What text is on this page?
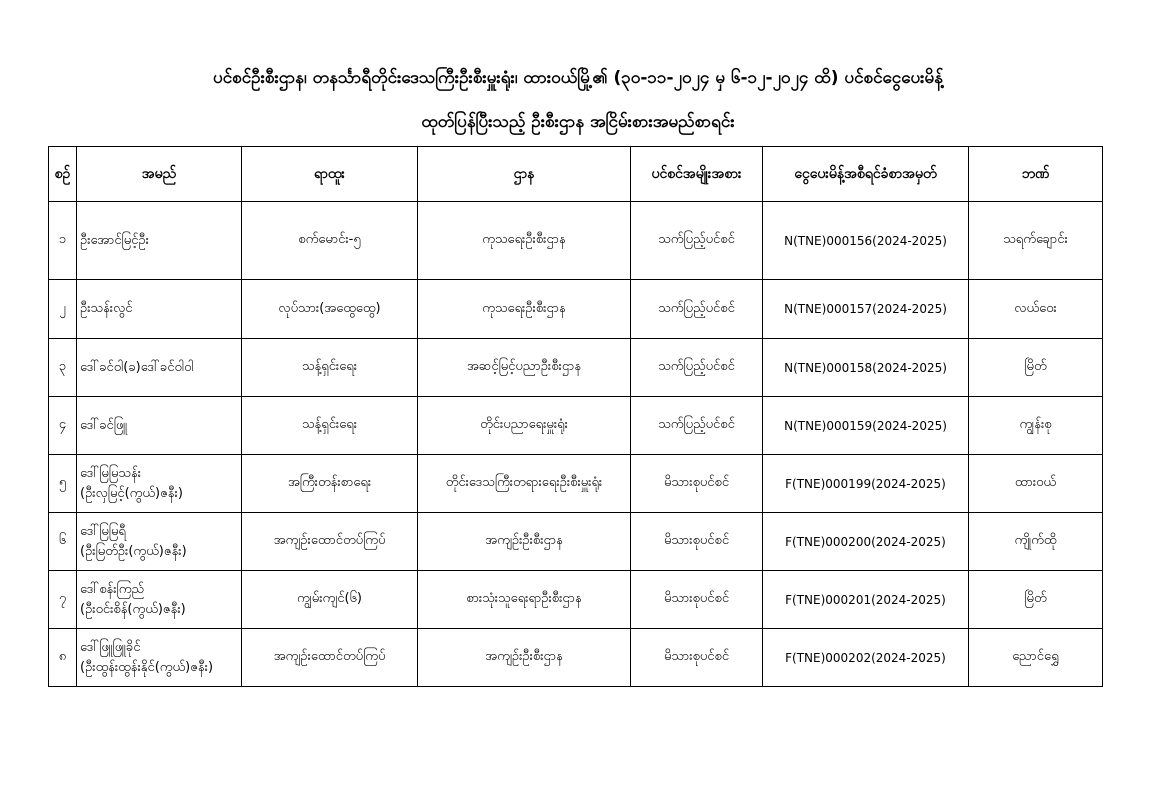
ပင်စင်ဦးစီးဌာန၊ တနင်္သာရီတိုင်းဒေသကြီးဦးစီးမှူးရုံး၊ ထားဝယ်မြို့၏ (၃၀-၁၁-၂၀၂၄ မှ ၆-၁၂-၂၀၂၄ ထိ) ပင်စင်ငွေပေးမိန့်
ထုတ်ပြန်ပြီးသည့် ဦးစီးဌာန အငြိမ်းစားအမည်စာရင်း
စဉ်	အမည်	ရာထူး	ဌာန	ပင်စင်အမျိုးအစား	ငွေပေးမိန့်အစီရင်ခံစာအမှတ်	ဘဏ်
၁	ဦးအောင်မြင့်ဦး	စက်မောင်း-၅	ကုသရေးဦးစီးဌာန	သက်ပြည့်ပင်စင်	N(TNE)000156(2024-2025)	သရက်ချောင်း
၂	ဦးသန်းလွင်	လုပ်သား(အထွေထွေ)	ကုသရေးဦးစီးဌာန	သက်ပြည့်ပင်စင်	N(TNE)000157(2024-2025)	လယ်ဝေး
၃	ဒေါ်ခင်ဝါ(ခ)ဒေါ်ခင်ဝါဝါ	သန့်ရှင်းရေး	အဆင့်မြင့်ပညာဦးစီးဌာန	သက်ပြည့်ပင်စင်	N(TNE)000158(2024-2025)	မြိတ်
၄	ဒေါ်ခင်ဖြူ	သန့်ရှင်းရေး	တိုင်းပညာရေးမှူးရုံး	သက်ပြည့်ပင်စင်	N(TNE)000159(2024-2025)	ကျွန်းစု
၅	ဒေါ်မြမြသန်း
(ဦးလှမြင့်(ကွယ်)ဇနီး)	အကြီးတန်းစာရေး	တိုင်းဒေသကြီးတရားရေးဦးစီးမှူးရုံး	မိသားစုပင်စင်	F(TNE)000199(2024-2025)	ထားဝယ်
၆	ဒေါ်မြမြရီ
(ဦးမြတ်ဦး(ကွယ်)ဇနီး)	အကျဉ်းထောင်တပ်ကြပ်	အကျဉ်းဦးစီးဌာန	မိသားစုပင်စင်	F(TNE)000200(2024-2025)	ကျိုက်ထို
၇	ဒေါ်စန်းကြည်
(ဦးဝင်းစိန်(ကွယ်)ဇနီး)	ကျွမ်းကျင်(၆)	စားသုံးသူရေးရာဦးစီးဌာန	မိသားစုပင်စင်	F(TNE)000201(2024-2025)	မြိတ်
၈	ဒေါ်ဖြူဖြူခိုင်
(ဦးထွန်းထွန်းနိုင်(ကွယ်)ဇနီး)	အကျဉ်းထောင်တပ်ကြပ်	အကျဉ်းဦးစီးဌာန	မိသားစုပင်စင်	F(TNE)000202(2024-2025)	ညောင်ရွှေ
